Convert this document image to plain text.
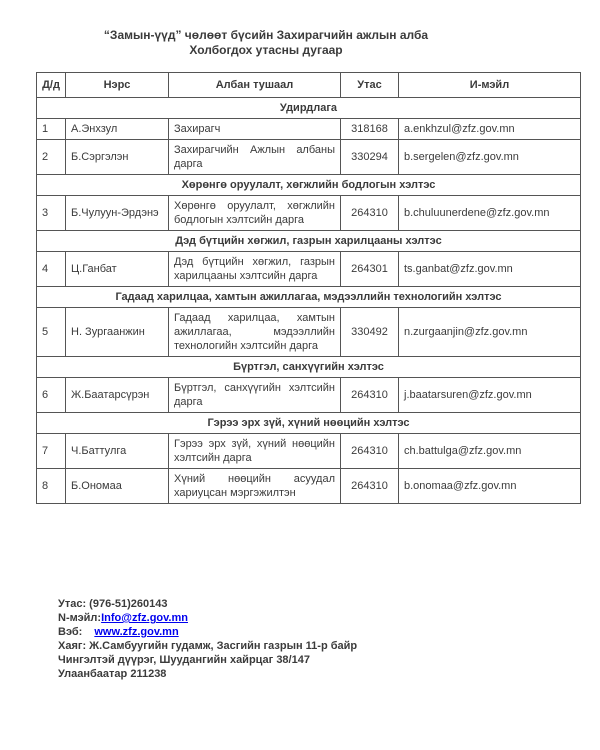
“Замын-үүд” чөлөөт бүсийн Захирагчийн ажлын алба
Холбогдох утасны дугаар
Д/д	Нэрс	Албан тушаал	Утас	И-мэйл
Удирдлага				
1	А.Энхзул	Захирагч	318168	a.enkhzul@zfz.gov.mn
2	Б.Сэргэлэн	Захирагчийн Ажлын албаны дарга	330294	b.sergelen@zfz.gov.mn
Хөрөнгө оруулалт, хөгжлийн бодлогын хэлтэс				
3	Б.Чулуун-Эрдэнэ	Хөрөнгө оруулалт, хөгжлийн бодлогын хэлтсийн дарга	264310	b.chuluunerdene@zfz.gov.mn
Дэд бүтцийн хөгжил, газрын харилцааны хэлтэс				
4	Ц.Ганбат	Дэд бүтцийн хөгжил, газрын харилцааны хэлтсийн дарга	264301	ts.ganbat@zfz.gov.mn
Гадаад харилцаа, хамтын ажиллагаа, мэдээллийн технологийн хэлтэс				
5	Н. Зургаанжин	Гадаад харилцаа, хамтын ажиллагаа, мэдээллийн технологийн хэлтсийн дарга	330492	n.zurgaanjin@zfz.gov.mn
Бүртгэл, санхүүгийн хэлтэс				
6	Ж.Баатарсүрэн	Бүртгэл, санхүүгийн хэлтсийн дарга	264310	j.baatarsuren@zfz.gov.mn
Гэрээ эрх зүй, хүний нөөцийн хэлтэс				
7	Ч.Баттулга	Гэрээ эрх зүй, хүний нөөцийн хэлтсийн дарга	264310	ch.battulga@zfz.gov.mn
8	Б.Ономаа	Хүний нөөцийн асуудал хариуцсан мэргэжилтэн	264310	b.onomaa@zfz.gov.mn
Утас: (976-51)260143
N-мэйл:Info@zfz.gov.mn
Вэб: www.zfz.gov.mn
Хаяг: Ж.Самбуугийн гудамж, Засгийн газрын 11-р байр
Чингэлтэй дүүрэг, Шуудангийн хайрцаг 38/147
Улаанбаатар 211238
